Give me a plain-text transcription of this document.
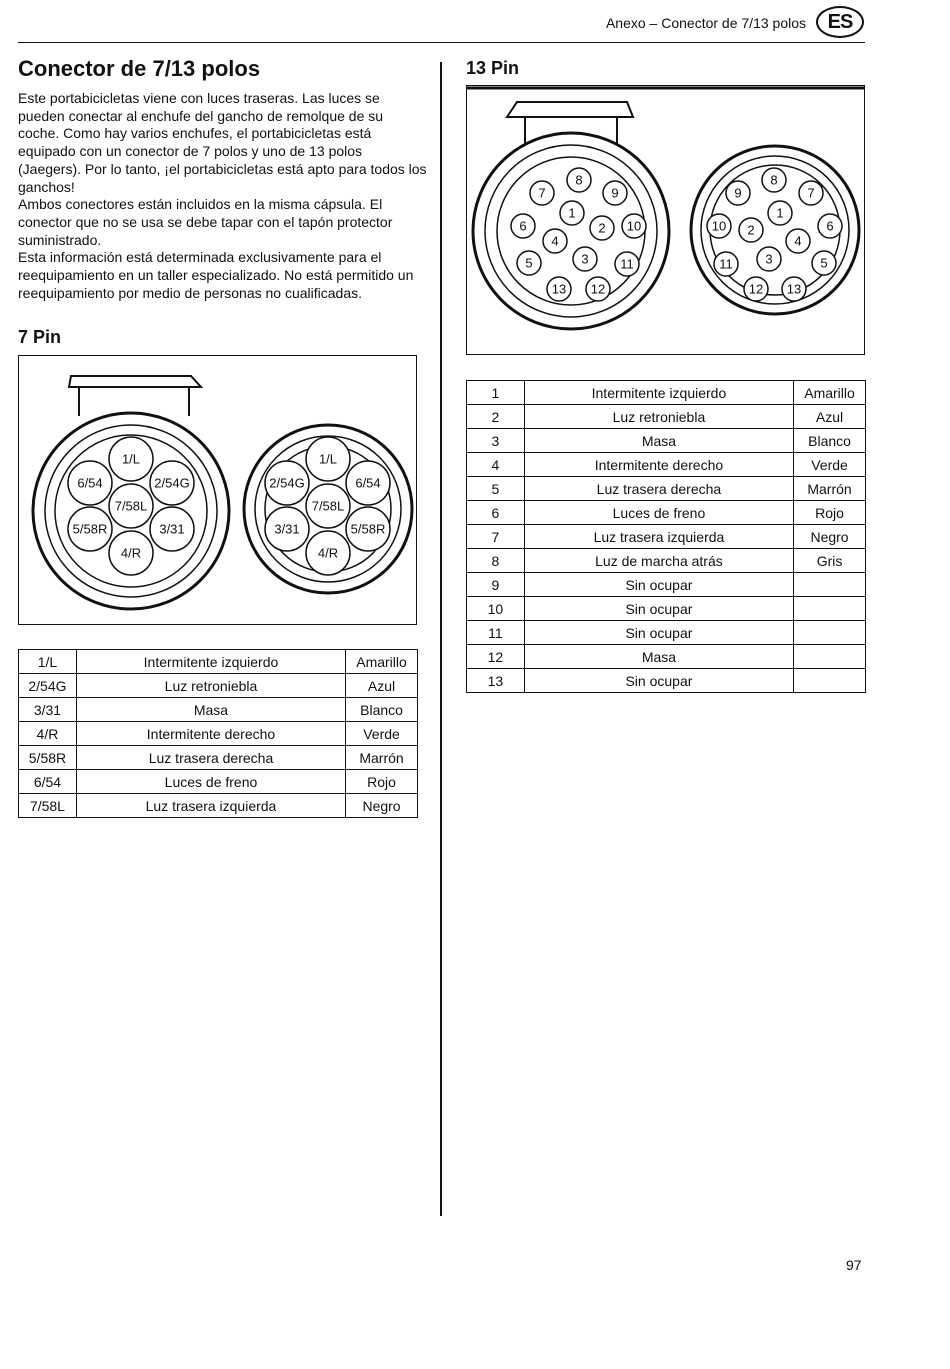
Anexo – Conector de 7/13 polos	ES
Conector de 7/13 polos

Este portabicicletas viene con luces traseras. Las luces se pueden conectar al enchufe del gancho de remolque de su coche. Como hay varios enchufes, el portabicicletas está equipado con un conector de 7 polos y uno de 13 polos (Jaegers). Por lo tanto, ¡el portabicicletas está apto para todos los ganchos!

Ambos conectores están incluidos en la misma cápsula. El conector que no se usa se debe tapar con el tapón protector suministrado.

Esta información está determinada exclusivamente para el reequipamiento en un taller especializado. No está permitido un reequipamiento por medio de personas no cualificadas.

7 Pin
1/L
2/54G
3/31
4/R
5/58R
6/54
7/58L
1/L
2/54G
3/31
4/R
5/58R
6/54
7/58L
1/L	Intermitente izquierdo	Amarillo
2/54G	Luz retroniebla	Azul
3/31	Masa	Blanco
4/R	Intermitente derecho	Verde
5/58R	Luz trasera derecha	Marrón
6/54	Luces de freno	Rojo
7/58L	Luz trasera izquierda	Negro
13 Pin
1
2
3
4
5
6
7
8
9
10
11
12
13
1
2
3
4
5
6
7
8
9
10
11
12 13
1	Intermitente izquierdo	Amarillo
2	Luz retroniebla	Azul
3	Masa	Blanco
4	Intermitente derecho	Verde
5	Luz trasera derecha	Marrón
6	Luces de freno	Rojo
7	Luz trasera izquierda	Negro
8	Luz de marcha atrás	Gris
9	Sin ocupar	
10	Sin ocupar	
11	Sin ocupar	
12	Masa	
13	Sin ocupar	
97
